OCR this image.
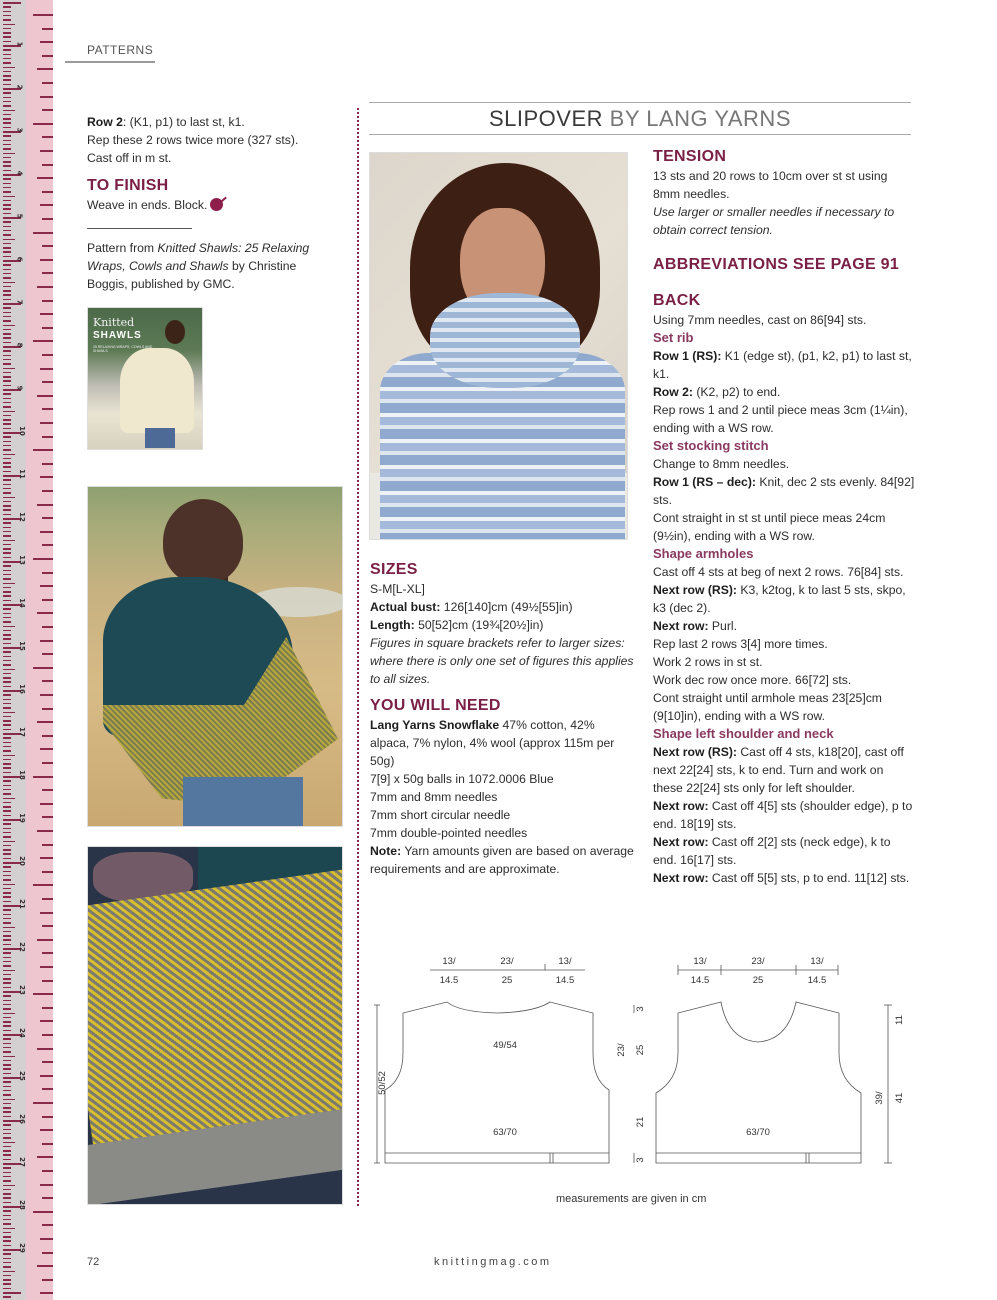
1
2
3
4
5
6
7
8
9
10
11
12
13
14
15
16
17
18
19
20
21
22
23
24
25
26
27
28
29
PATTERNS

Row 2: (K1, p1) to last st, k1.

Rep these 2 rows twice more (327 sts).

Cast off in m st.

TO FINISH

Weave in ends. Block.

Pattern from Knitted Shawls: 25 Relaxing Wraps, Cowls and Shawls by Christine Boggis, published by GMC.

Knitted
SHAWLS
25 RELAXING WRAPS, COWLS AND SHAWLS
SLIPOVER BY LANG YARNS
SIZES

S-M[L-XL]

Actual bust: 126[140]cm (49½[55]in)

Length: 50[52]cm (19¾[20½]in)

Figures in square brackets refer to larger sizes: where there is only one set of figures this applies to all sizes.

YOU WILL NEED

Lang Yarns Snowflake 47% cotton, 42% alpaca, 7% nylon, 4% wool (approx 115m per 50g)

7[9] x 50g balls in 1072.0006 Blue

7mm and 8mm needles

7mm short circular needle

7mm double-pointed needles

Note: Yarn amounts given are based on average requirements and are approximate.

TENSION

13 sts and 20 rows to 10cm over st st using 8mm needles.

Use larger or smaller needles if necessary to obtain correct tension.

ABBREVIATIONS SEE PAGE 91
BACK

Using 7mm needles, cast on 86[94] sts.

Set rib

Row 1 (RS): K1 (edge st), (p1, k2, p1) to last st, k1.

Row 2: (K2, p2) to end.

Rep rows 1 and 2 until piece meas 3cm (1¼in), ending with a WS row.

Set stocking stitch

Change to 8mm needles.

Row 1 (RS – dec): Knit, dec 2 sts evenly. 84[92] sts.

Cont straight in st st until piece meas 24cm (9½in), ending with a WS row.

Shape armholes

Cast off 4 sts at beg of next 2 rows. 76[84] sts.

Next row (RS): K3, k2tog, k to last 5 sts, skpo, k3 (dec 2).

Next row: Purl.

Rep last 2 rows 3[4] more times.

Work 2 rows in st st.

Work dec row once more. 66[72] sts.

Cont straight until armhole meas 23[25]cm (9[10]in), ending with a WS row.

Shape left shoulder and neck

Next row (RS): Cast off 4 sts, k18[20], cast off next 22[24] sts, k to end. Turn and work on these 22[24] sts only for left shoulder.

Next row: Cast off 4[5] sts (shoulder edge), p to end. 18[19] sts.

Next row: Cast off 2[2] sts (neck edge), k to end. 16[17] sts.

Next row: Cast off 5[5] sts, p to end. 11[12] sts.

13/	23/	13/
14.5	25	14.5
49/54
63/70
50/52
13/	23/	13/
14.5	25	14.5
63/70
3
23/ 25
21
3
11
39/ 41
measurements are given in cm
72	knittingmag.com
